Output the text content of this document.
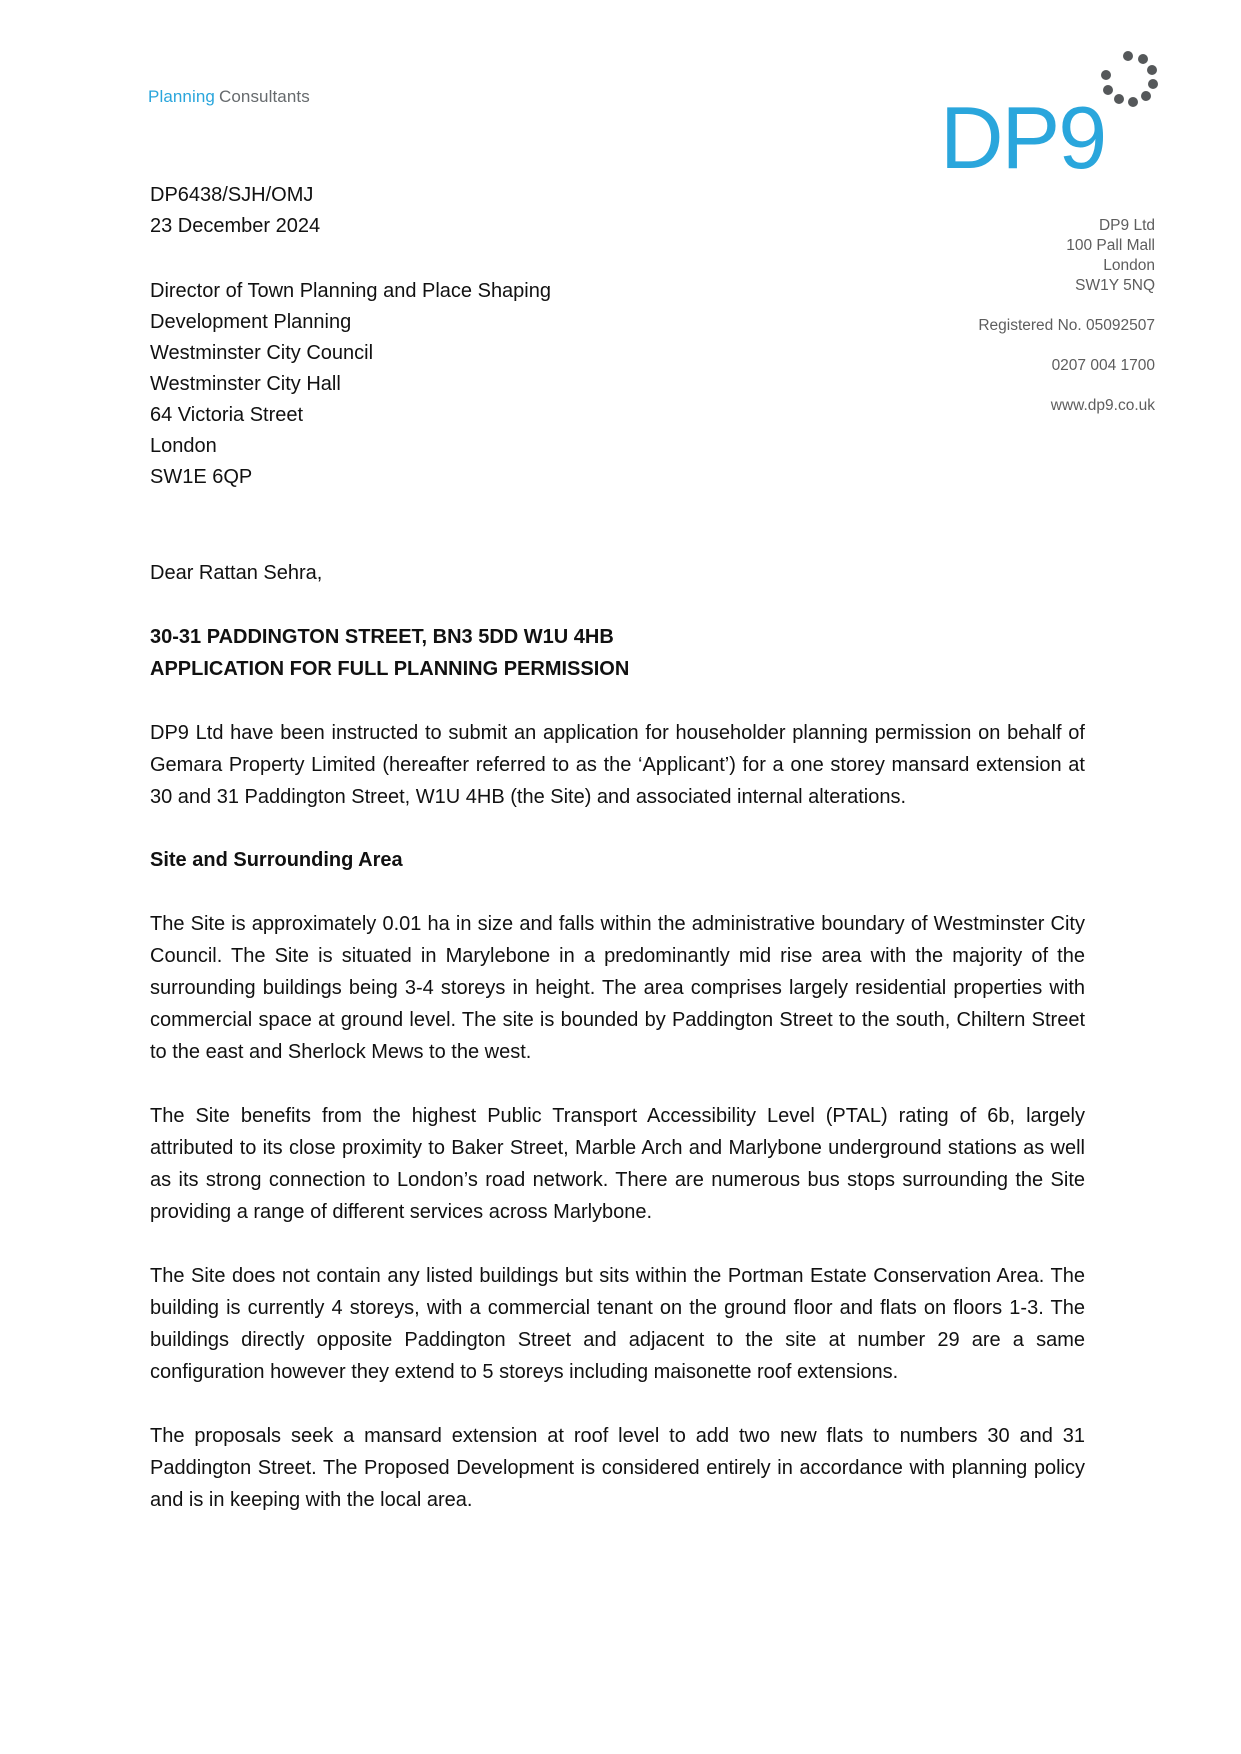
Planning Consultants	DP9
DP9 Ltd
100 Pall Mall
London
SW1Y 5NQ
Registered No. 05092507
0207 004 1700
www.dp9.co.uk

DP6438/SJH/OMJ

23 December 2024

Director of Town Planning and Place Shaping
Development Planning
Westminster City Council
Westminster City Hall
64 Victoria Street
London
SW1E 6QP

Dear Rattan Sehra,

30-31 PADDINGTON STREET, BN3 5DD W1U 4HB
APPLICATION FOR FULL PLANNING PERMISSION

DP9 Ltd have been instructed to submit an application for householder planning permission on behalf of Gemara Property Limited (hereafter referred to as the ‘Applicant’) for a one storey mansard extension at 30 and 31 Paddington Street, W1U 4HB (the Site) and associated internal alterations.

Site and Surrounding Area

The Site is approximately 0.01 ha in size and falls within the administrative boundary of Westminster City Council. The Site is situated in Marylebone in a predominantly mid rise area with the majority of the surrounding buildings being 3-4 storeys in height. The area comprises largely residential properties with commercial space at ground level. The site is bounded by Paddington Street to the south, Chiltern Street to the east and Sherlock Mews to the west.

The Site benefits from the highest Public Transport Accessibility Level (PTAL) rating of 6b, largely attributed to its close proximity to Baker Street, Marble Arch and Marlybone underground stations as well as its strong connection to London’s road network. There are numerous bus stops surrounding the Site providing a range of different services across Marlybone.

The Site does not contain any listed buildings but sits within the Portman Estate Conservation Area. The building is currently 4 storeys, with a commercial tenant on the ground floor and flats on floors 1-3. The buildings directly opposite Paddington Street and adjacent to the site at number 29 are a same configuration however they extend to 5 storeys including maisonette roof extensions.

The proposals seek a mansard extension at roof level to add two new flats to numbers 30 and 31 Paddington Street. The Proposed Development is considered entirely in accordance with planning policy and is in keeping with the local area.
